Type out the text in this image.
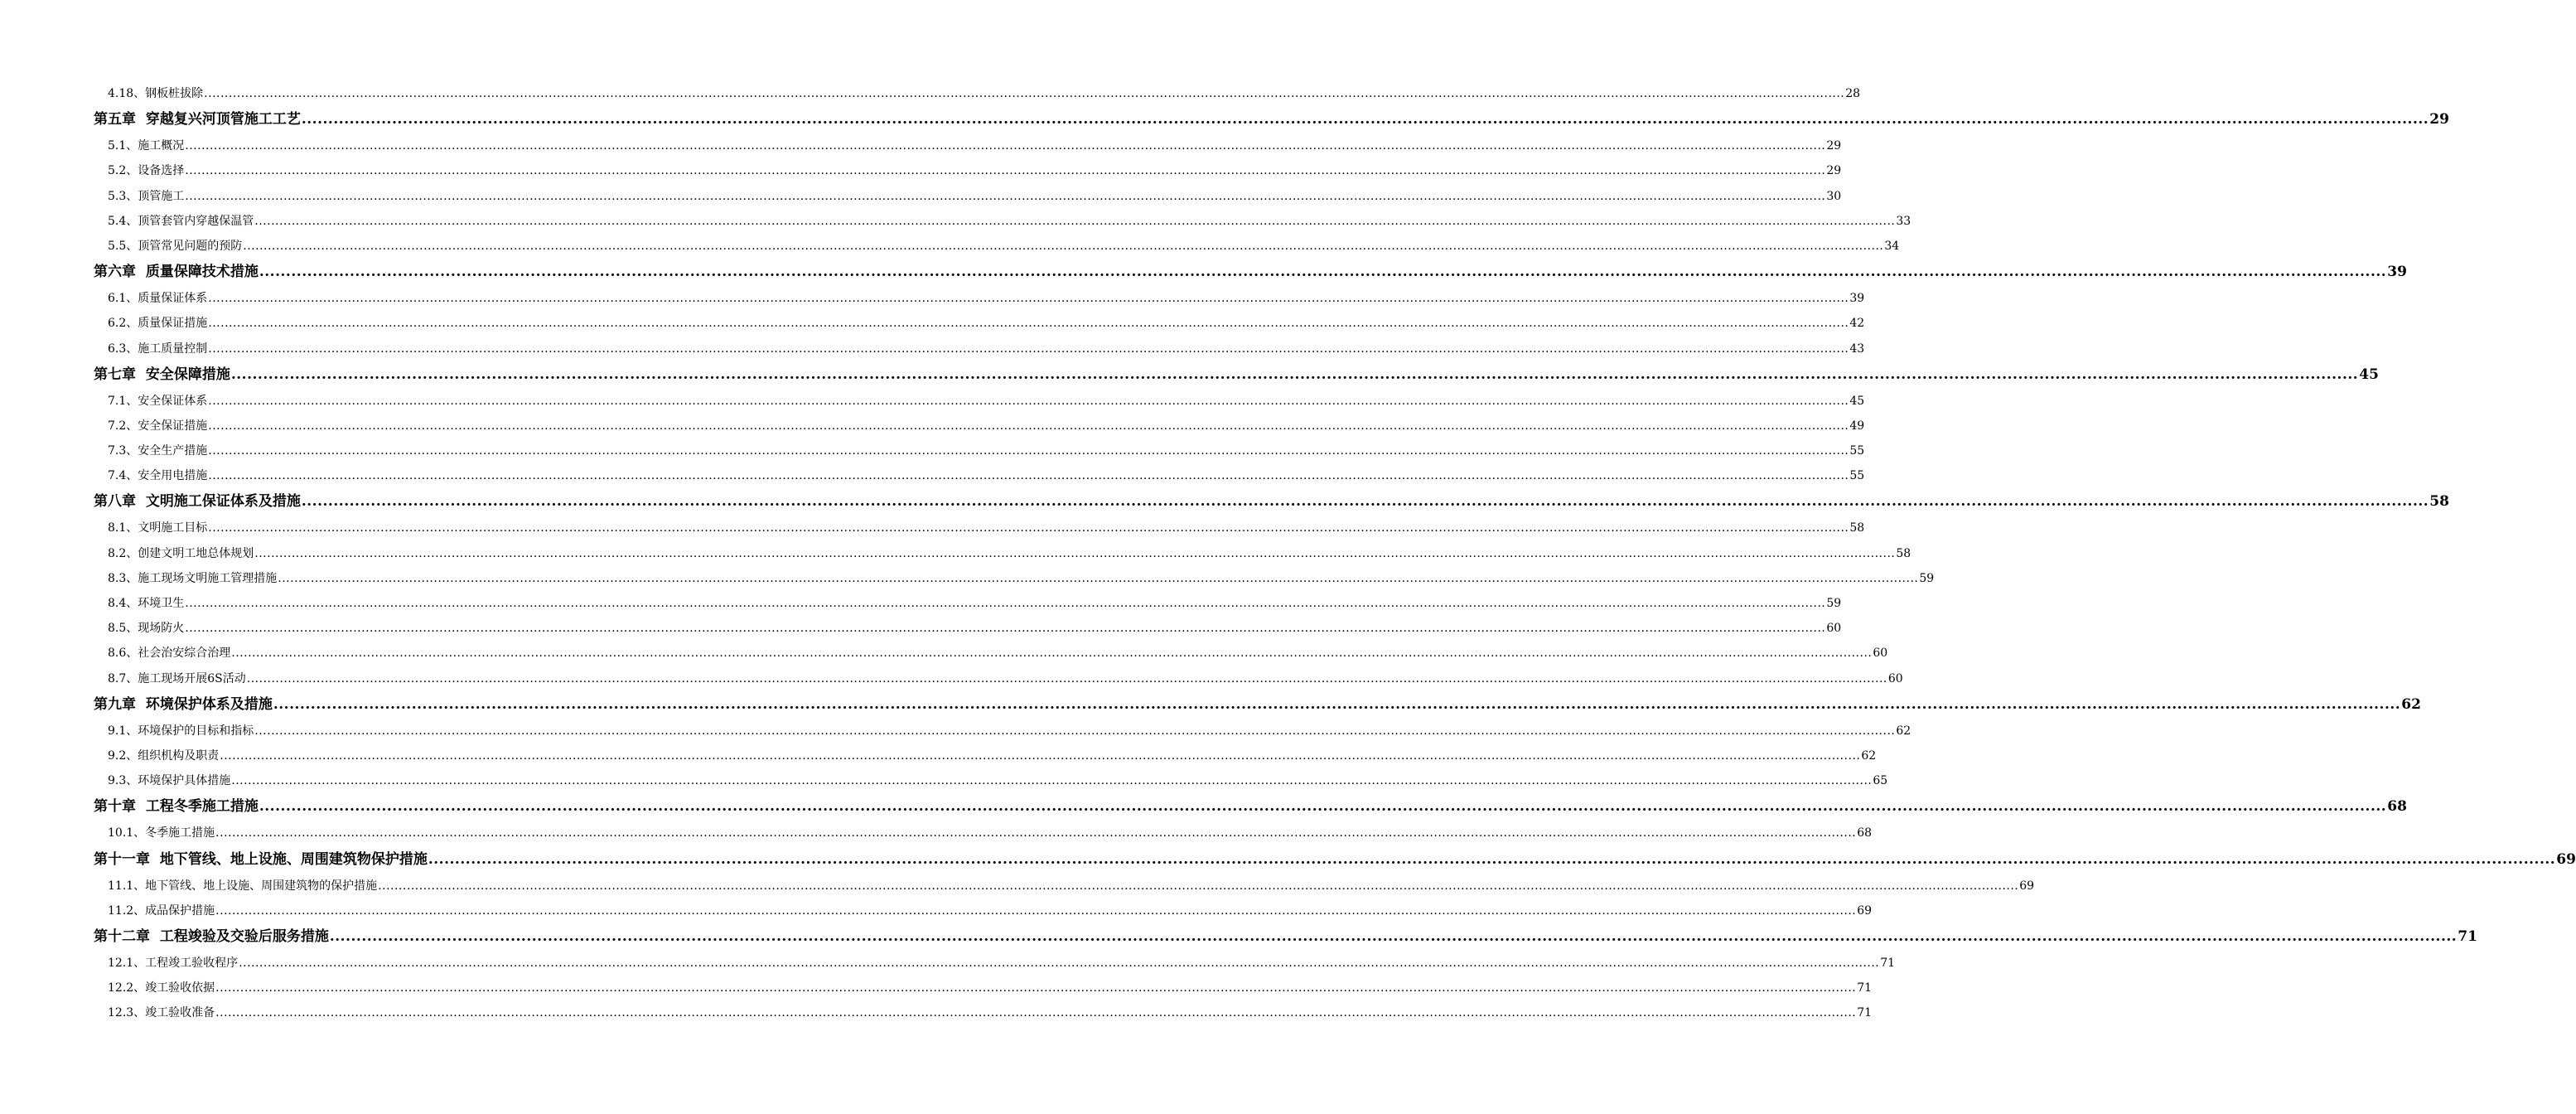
4.18、钢板桩拔除 ................................................................................................................................................................................................................................................................................................................................................................................................................ 28
第五章  穿越复兴河顶管施工工艺 ................................................................................................................................................................................................................................................................................................................................................................................................................ 29
5.1、施工概况 ................................................................................................................................................................................................................................................................................................................................................................................................................ 29
5.2、设备选择 ................................................................................................................................................................................................................................................................................................................................................................................................................ 29
5.3、顶管施工 ................................................................................................................................................................................................................................................................................................................................................................................................................ 30
5.4、顶管套管内穿越保温管 ................................................................................................................................................................................................................................................................................................................................................................................................................ 33
5.5、顶管常见问题的预防 ................................................................................................................................................................................................................................................................................................................................................................................................................ 34
第六章  质量保障技术措施 ................................................................................................................................................................................................................................................................................................................................................................................................................ 39
6.1、质量保证体系 ................................................................................................................................................................................................................................................................................................................................................................................................................ 39
6.2、质量保证措施 ................................................................................................................................................................................................................................................................................................................................................................................................................ 42
6.3、施工质量控制 ................................................................................................................................................................................................................................................................................................................................................................................................................ 43
第七章  安全保障措施 ................................................................................................................................................................................................................................................................................................................................................................................................................ 45
7.1、安全保证体系 ................................................................................................................................................................................................................................................................................................................................................................................................................ 45
7.2、安全保证措施 ................................................................................................................................................................................................................................................................................................................................................................................................................ 49
7.3、安全生产措施 ................................................................................................................................................................................................................................................................................................................................................................................................................ 55
7.4、安全用电措施 ................................................................................................................................................................................................................................................................................................................................................................................................................ 55
第八章  文明施工保证体系及措施 ................................................................................................................................................................................................................................................................................................................................................................................................................ 58
8.1、文明施工目标 ................................................................................................................................................................................................................................................................................................................................................................................................................ 58
8.2、创建文明工地总体规划 ................................................................................................................................................................................................................................................................................................................................................................................................................ 58
8.3、施工现场文明施工管理措施 ................................................................................................................................................................................................................................................................................................................................................................................................................ 59
8.4、环境卫生 ................................................................................................................................................................................................................................................................................................................................................................................................................ 59
8.5、现场防火 ................................................................................................................................................................................................................................................................................................................................................................................................................ 60
8.6、社会治安综合治理 ................................................................................................................................................................................................................................................................................................................................................................................................................ 60
8.7、施工现场开展6S活动 ................................................................................................................................................................................................................................................................................................................................................................................................................ 60
第九章  环境保护体系及措施 ................................................................................................................................................................................................................................................................................................................................................................................................................ 62
9.1、环境保护的目标和指标 ................................................................................................................................................................................................................................................................................................................................................................................................................ 62
9.2、组织机构及职责 ................................................................................................................................................................................................................................................................................................................................................................................................................ 62
9.3、环境保护具体措施 ................................................................................................................................................................................................................................................................................................................................................................................................................ 65
第十章  工程冬季施工措施 ................................................................................................................................................................................................................................................................................................................................................................................................................ 68
10.1、冬季施工措施 ................................................................................................................................................................................................................................................................................................................................................................................................................ 68
第十一章  地下管线、地上设施、周围建筑物保护措施 ................................................................................................................................................................................................................................................................................................................................................................................................................ 69
11.1、地下管线、地上设施、周围建筑物的保护措施 ................................................................................................................................................................................................................................................................................................................................................................................................................ 69
11.2、成品保护措施 ................................................................................................................................................................................................................................................................................................................................................................................................................ 69
第十二章  工程竣验及交验后服务措施 ................................................................................................................................................................................................................................................................................................................................................................................................................ 71
12.1、工程竣工验收程序 ................................................................................................................................................................................................................................................................................................................................................................................................................ 71
12.2、竣工验收依据 ................................................................................................................................................................................................................................................................................................................................................................................................................ 71
12.3、竣工验收准备 ................................................................................................................................................................................................................................................................................................................................................................................................................ 71
